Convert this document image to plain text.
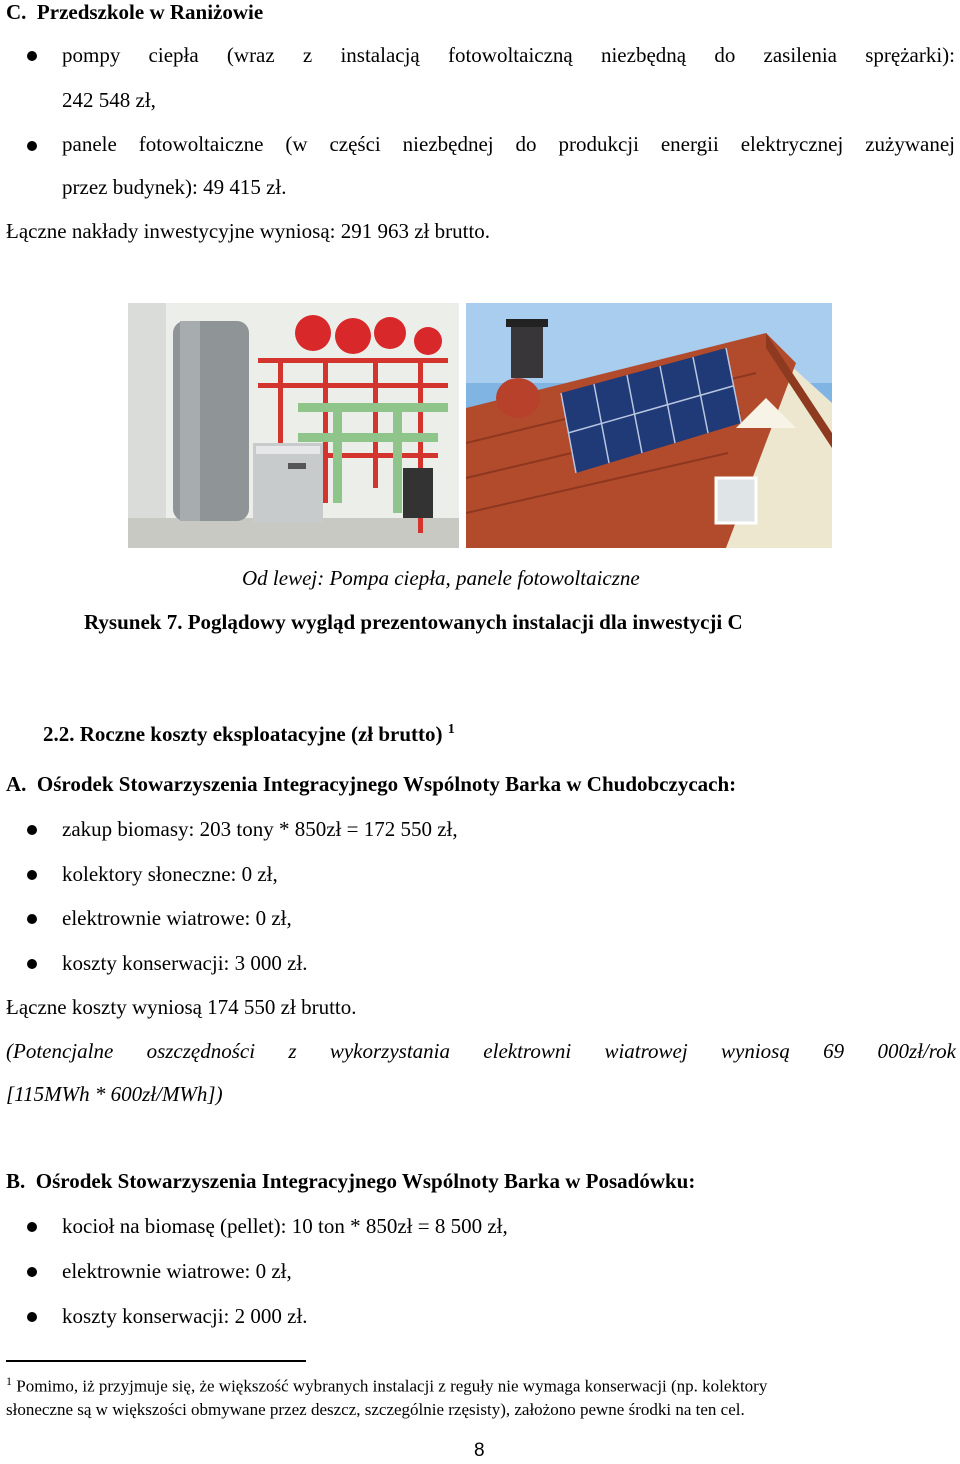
C.  Przedszkole w Raniżowie
pompy ciepła (wraz z instalacją fotowoltaiczną niezbędną do zasilenia sprężarki):
242 548 zł,
panele fotowoltaiczne (w części niezbędnej do produkcji energii elektrycznej zużywanej
przez budynek): 49 415 zł.
Łączne nakłady inwestycyjne wyniosą: 291 963 zł brutto.
Od lewej: Pompa ciepła, panele fotowoltaiczne
Rysunek 7. Poglądowy wygląd prezentowanych instalacji dla inwestycji C
2.2. Roczne koszty eksploatacyjne (zł brutto) $^1$
A.  Ośrodek Stowarzyszenia Integracyjnego Wspólnoty Barka w Chudobczycach:
zakup biomasy: 203 tony * 850zł = 172 550 zł,
kolektory słoneczne: 0 zł,
elektrownie wiatrowe: 0 zł,
koszty konserwacji: 3 000 zł.
Łączne koszty wyniosą 174 550 zł brutto.
(Potencjalne oszczędności z wykorzystania elektrowni wiatrowej wyniosą 69 000zł/rok
[115MWh * 600zł/MWh])
B.  Ośrodek Stowarzyszenia Integracyjnego Wspólnoty Barka w Posadówku:
kocioł na biomasę (pellet): 10 ton * 850zł = 8 500 zł,
elektrownie wiatrowe: 0 zł,
koszty konserwacji: 2 000 zł.
$^1$ Pomimo, iż przyjmuje się, że większość wybranych instalacji z reguły nie wymaga konserwacji (np. kolektory
słoneczne są w większości obmywane przez deszcz, szczególnie rzęsisty), założono pewne środki na ten cel.
8
